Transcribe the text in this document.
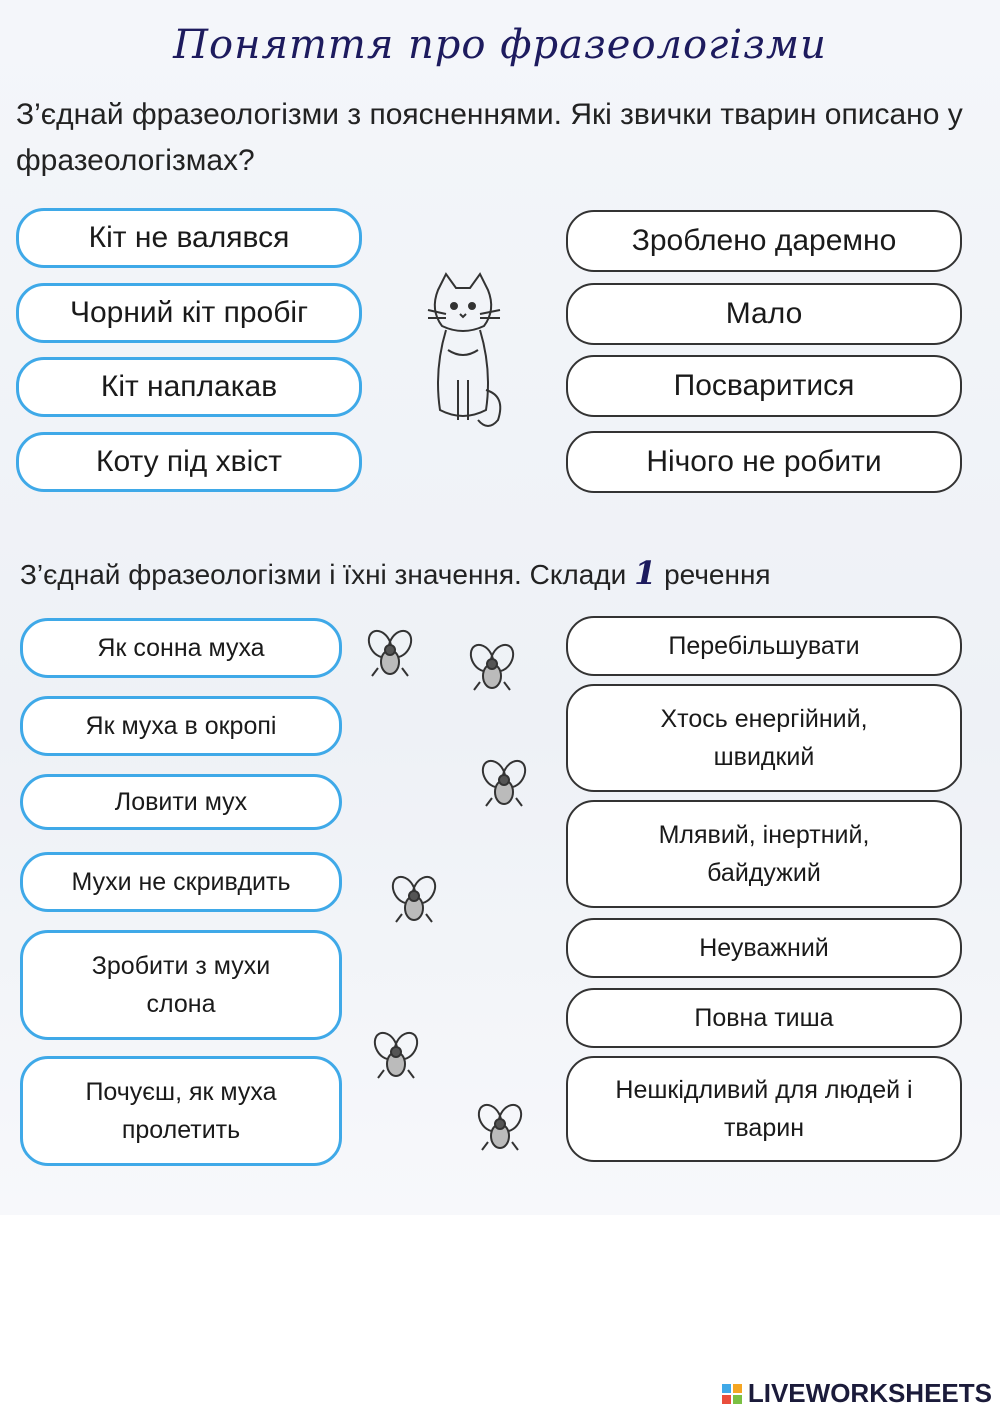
Поняття про фразеологізми
З’єднай фразеологізми з поясненнями. Які звички тварин описано у фразеологізмах?
Кіт не валявся
Чорний кіт пробіг
Кіт наплакав
Коту під хвіст
Зроблено даремно
Мало
Посваритися
Нічого не робити
З’єднай фразеологізми і їхні значення. Склади 1 речення
Як сонна муха
Як муха в окропі
Ловити мух
Мухи не скривдить
Зробити з мухи слона
Почуєш, як муха пролетить
Перебільшувати
Хтось енергійний, швидкий
Млявий, інертний, байдужий
Неуважний
Повна тиша
Нешкідливий для людей і тварин
LIVEWORKSHEETS
